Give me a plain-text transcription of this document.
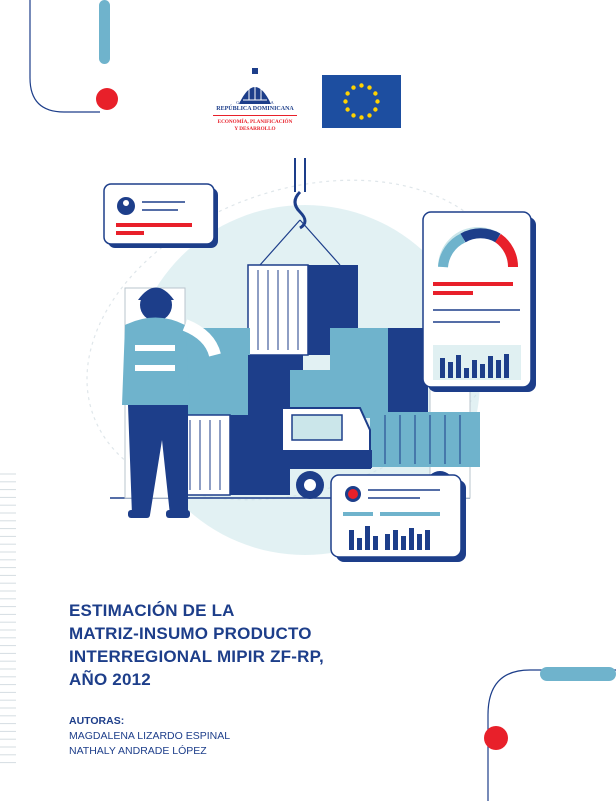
GOBIERNO DE LA
REPÚBLICA DOMINICANA
ECONOMÍA, PLANIFICACIÓN
Y DESARROLLO
ESTIMACIÓN DE LA
MATRIZ-INSUMO PRODUCTO
INTERREGIONAL MIPIR ZF-RP,
AÑO 2012
AUTORAS:
MAGDALENA LIZARDO ESPINAL
NATHALY ANDRADE LÓPEZ
